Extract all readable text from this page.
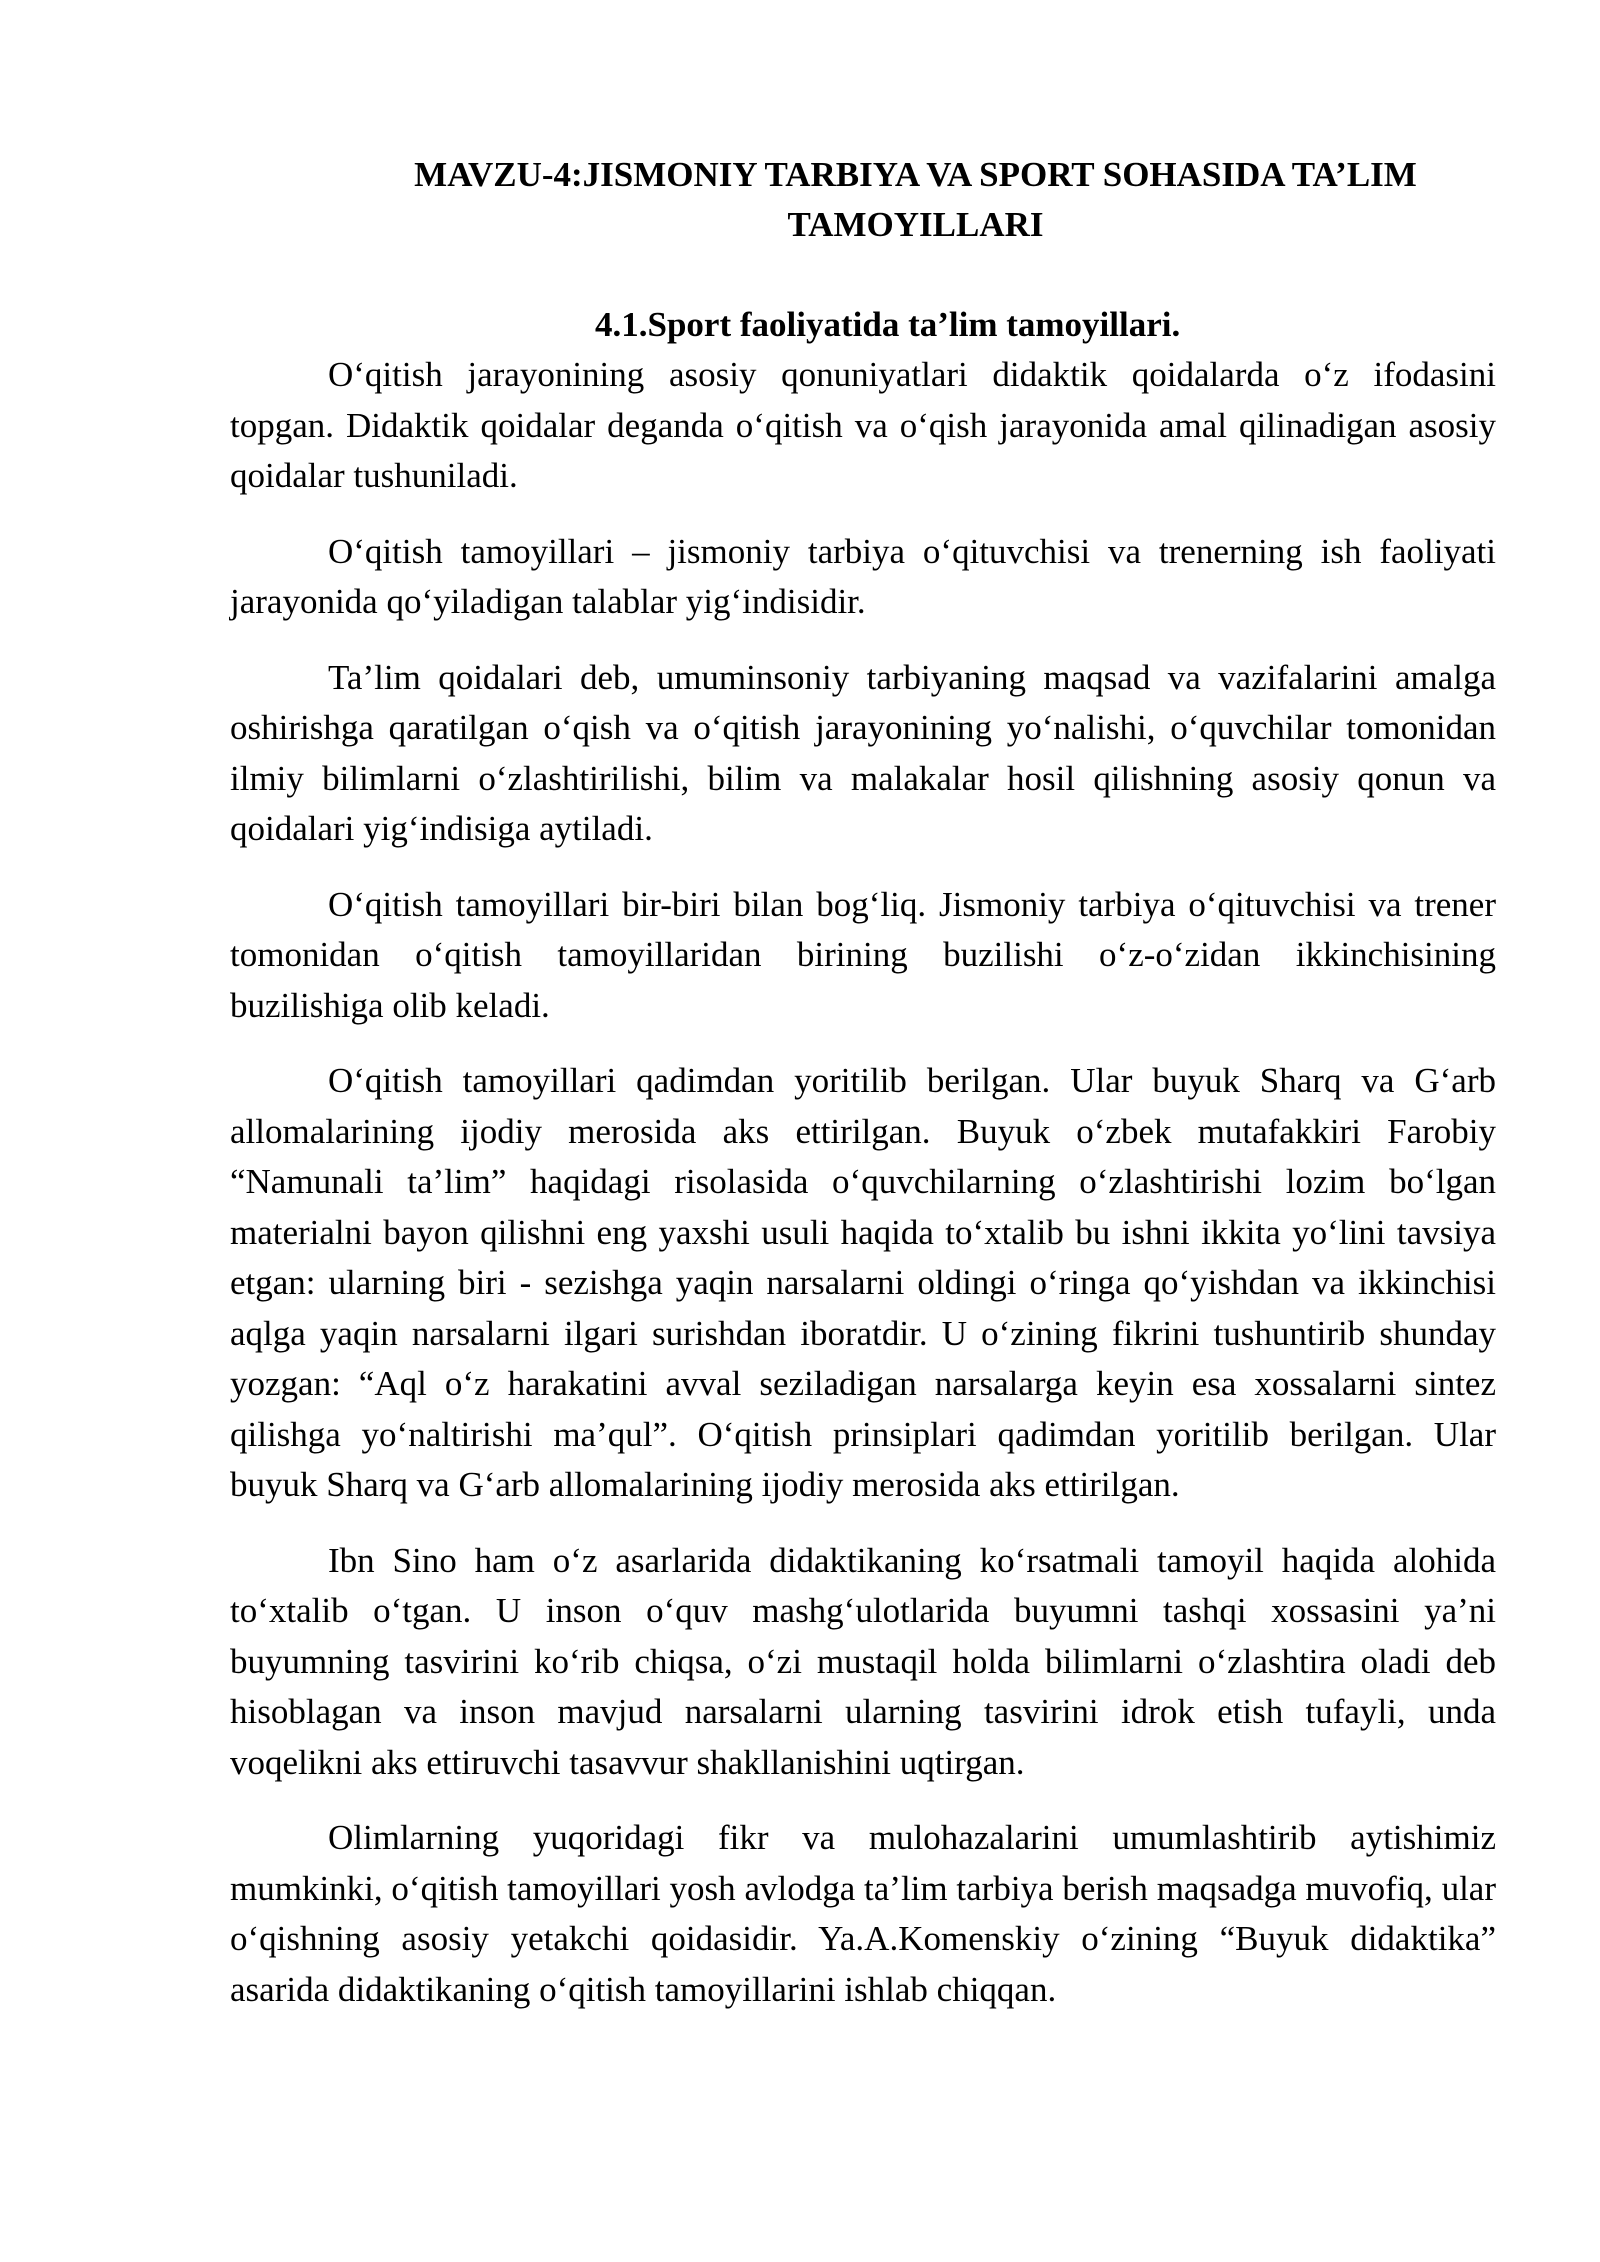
MAVZU-4:JISMONIY TARBIYA VA SPORT SOHASIDA TA’LIM TAMOYILLARI
4.1.Sport faoliyatida ta’lim tamoyillari.

O‘qitish jarayonining asosiy qonuniyatlari didaktik qoidalarda o‘z ifodasini topgan. Didaktik qoidalar deganda o‘qitish va o‘qish jarayonida amal qilinadigan asosiy qoidalar tushuniladi.

O‘qitish tamoyillari – jismoniy tarbiya o‘qituvchisi va trenerning ish faoliyati jarayonida qo‘yiladigan talablar yig‘indisidir.

Ta’lim qoidalari deb, umuminsoniy tarbiyaning maqsad va vazifalarini amalga oshirishga qaratilgan o‘qish va o‘qitish jarayonining yo‘nalishi, o‘quvchilar tomonidan ilmiy bilimlarni o‘zlashtirilishi, bilim va malakalar hosil qilishning asosiy qonun va qoidalari yig‘indisiga aytiladi.

O‘qitish tamoyillari bir-biri bilan bog‘liq. Jismoniy tarbiya o‘qituvchisi va trener tomonidan o‘qitish tamoyillaridan birining buzilishi o‘z-o‘zidan ikkinchisining buzilishiga olib keladi.

O‘qitish tamoyillari qadimdan yoritilib berilgan. Ular buyuk Sharq va G‘arb allomalarining ijodiy merosida aks ettirilgan. Buyuk o‘zbek mutafakkiri Farobiy “Namunali ta’lim” haqidagi risolasida o‘quvchilarning o‘zlashtirishi lozim bo‘lgan materialni bayon qilishni eng yaxshi usuli haqida to‘xtalib bu ishni ikkita yo‘lini tavsiya etgan: ularning biri - sezishga yaqin narsalarni oldingi o‘ringa qo‘yishdan va ikkinchisi aqlga yaqin narsalarni ilgari surishdan iboratdir. U o‘zining fikrini tushuntirib shunday yozgan: “Aql o‘z harakatini avval seziladigan narsalarga keyin esa xossalarni sintez qilishga yo‘naltirishi ma’qul”. O‘qitish prinsiplari qadimdan yoritilib berilgan. Ular buyuk Sharq va G‘arb allomalarining ijodiy merosida aks ettirilgan.

Ibn Sino ham o‘z asarlarida didaktikaning ko‘rsatmali tamoyil haqida alohida to‘xtalib o‘tgan. U inson o‘quv mashg‘ulotlarida buyumni tashqi xossasini ya’ni buyumning tasvirini ko‘rib chiqsa, o‘zi mustaqil holda bilimlarni o‘zlashtira oladi deb hisoblagan va inson mavjud narsalarni ularning tasvirini idrok etish tufayli, unda voqelikni aks ettiruvchi tasavvur shakllanishini uqtirgan.

Olimlarning yuqoridagi fikr va mulohazalarini umumlashtirib aytishimiz mumkinki, o‘qitish tamoyillari yosh avlodga ta’lim tarbiya berish maqsadga muvofiq, ular o‘qishning asosiy yetakchi qoidasidir. Ya.A.Komenskiy o‘zining “Buyuk didaktika” asarida didaktikaning o‘qitish tamoyillarini ishlab chiqqan.
